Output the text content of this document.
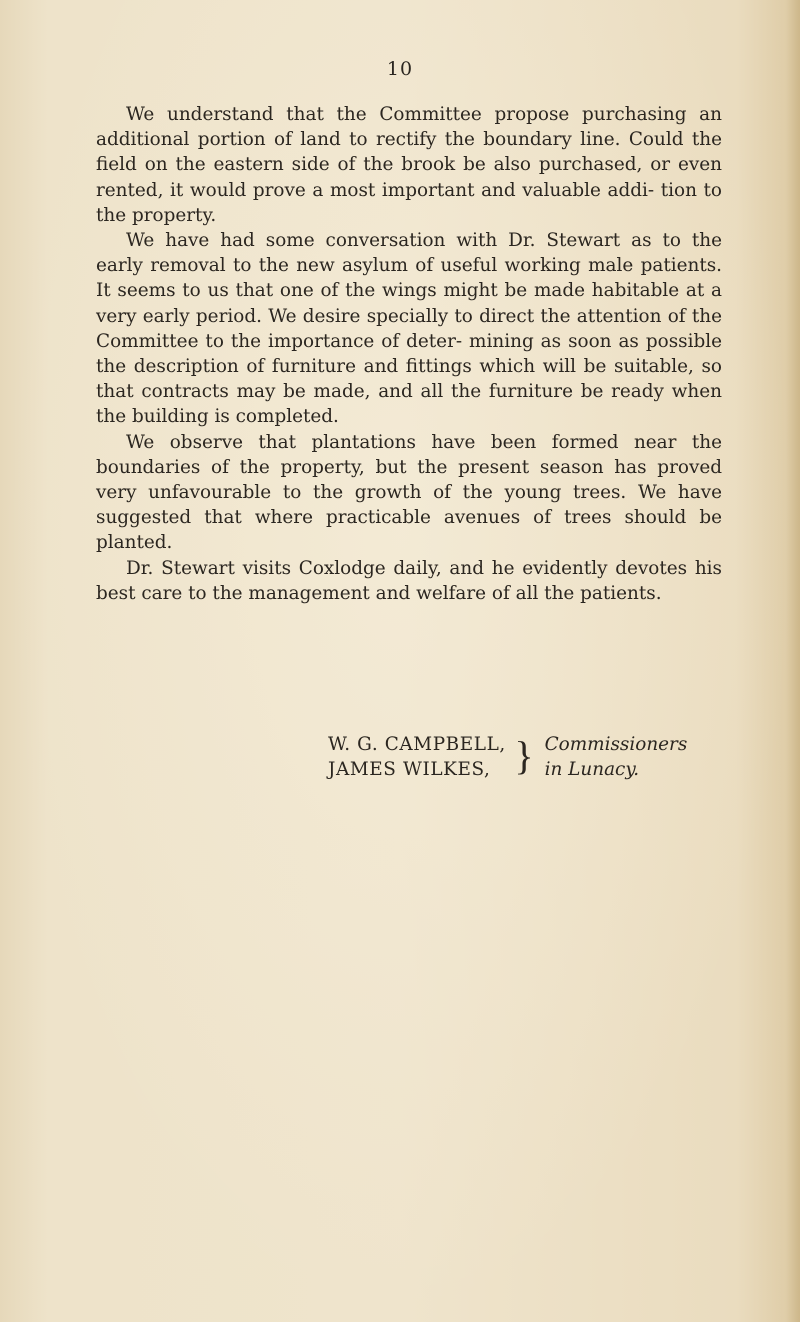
10

We understand that the Committee propose purchasing an additional portion of land to rectify the boundary line. Could the field on the eastern side of the brook be also purchased, or even rented, it would prove a most important and valuable addi- tion to the property.

We have had some conversation with Dr. Stewart as to the early removal to the new asylum of useful working male patients. It seems to us that one of the wings might be made habitable at a very early period. We desire specially to direct the attention of the Committee to the importance of deter- mining as soon as possible the description of furniture and fittings which will be suitable, so that contracts may be made, and all the furniture be ready when the building is completed.

We observe that plantations have been formed near the boundaries of the property, but the present season has proved very unfavourable to the growth of the young trees. We have suggested that where practicable avenues of trees should be planted.

Dr. Stewart visits Coxlodge daily, and he evidently devotes his best care to the management and welfare of all the patients.

W. G. CAMPBELL,
JAMES WILKES, } Commissioners
in Lunacy.
